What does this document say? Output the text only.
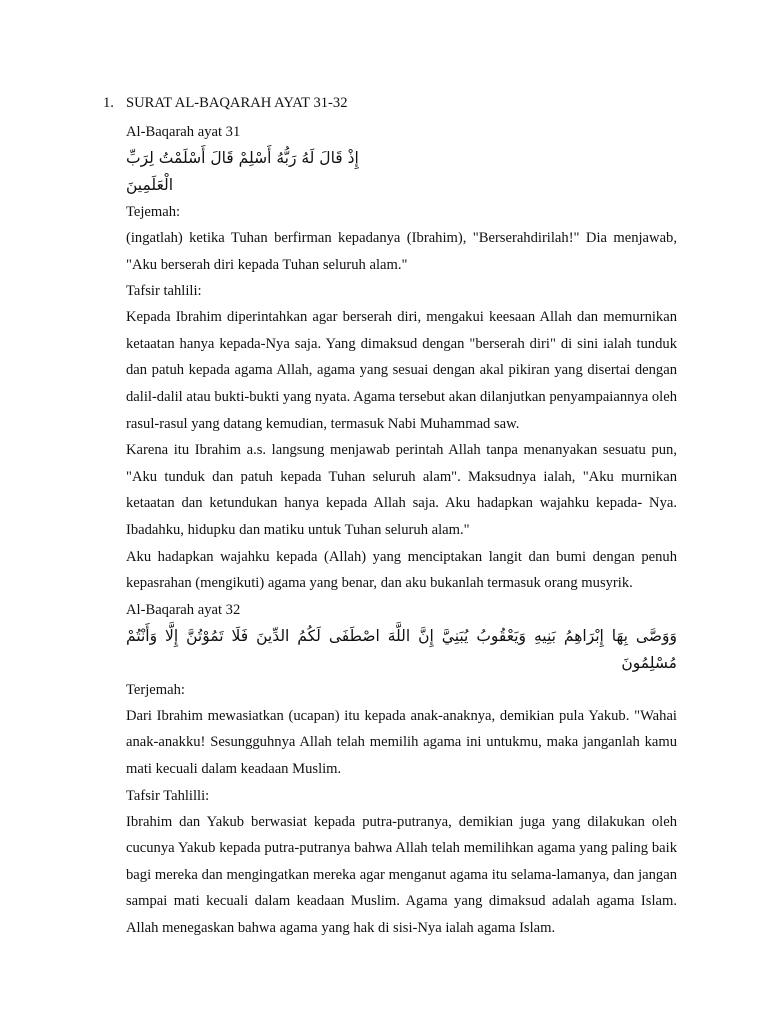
1. SURAT AL-BAQARAH AYAT 31-32
Al-Baqarah ayat 31
إِذْ قَالَ لَهُ رَبُّهُ أَسْلِمْ قَالَ أَسْلَمْتُ لِرَبِّ الْعَلَمِينَ
Tejemah:
(ingatlah) ketika Tuhan berfirman kepadanya (Ibrahim), "Berserahdirilah!" Dia menjawab, "Aku berserah diri kepada Tuhan seluruh alam."
Tafsir tahlili:
Kepada Ibrahim diperintahkan agar berserah diri, mengakui keesaan Allah dan memurnikan ketaatan hanya kepada-Nya saja. Yang dimaksud dengan "berserah diri" di sini ialah tunduk dan patuh kepada agama Allah, agama yang sesuai dengan akal pikiran yang disertai dengan dalil-dalil atau bukti-bukti yang nyata. Agama tersebut akan dilanjutkan penyampaiannya oleh rasul-rasul yang datang kemudian, termasuk Nabi Muhammad saw.
Karena itu Ibrahim a.s. langsung menjawab perintah Allah tanpa menanyakan sesuatu pun, "Aku tunduk dan patuh kepada Tuhan seluruh alam". Maksudnya ialah, "Aku murnikan ketaatan dan ketundukan hanya kepada Allah saja. Aku hadapkan wajahku kepada- Nya. Ibadahku, hidupku dan matiku untuk Tuhan seluruh alam."
Aku hadapkan wajahku kepada (Allah) yang menciptakan langit dan bumi dengan penuh kepasrahan (mengikuti) agama yang benar, dan aku bukanlah termasuk orang musyrik.
Al-Baqarah ayat 32
وَوَصَّى بِهَا إِبْرَاهِمُ بَنِيهِ وَيَعْقُوبُ يُبَنِيَّ إِنَّ اللَّهَ اصْطَفَى لَكُمُ الدِّينَ فَلَا تَمُوْتُنَّ إِلَّا وَأَنْتُمْ مُسْلِمُونَ
Terjemah:
Dari Ibrahim mewasiatkan (ucapan) itu kepada anak-anaknya, demikian pula Yakub. "Wahai anak-anakku! Sesungguhnya Allah telah memilih agama ini untukmu, maka janganlah kamu mati kecuali dalam keadaan Muslim.
Tafsir Tahlilli:
Ibrahim dan Yakub berwasiat kepada putra-putranya, demikian juga yang dilakukan oleh cucunya Yakub kepada putra-putranya bahwa Allah telah memilihkan agama yang paling baik bagi mereka dan mengingatkan mereka agar menganut agama itu selama-lamanya, dan jangan sampai mati kecuali dalam keadaan Muslim. Agama yang dimaksud adalah agama Islam. Allah menegaskan bahwa agama yang hak di sisi-Nya ialah agama Islam.
